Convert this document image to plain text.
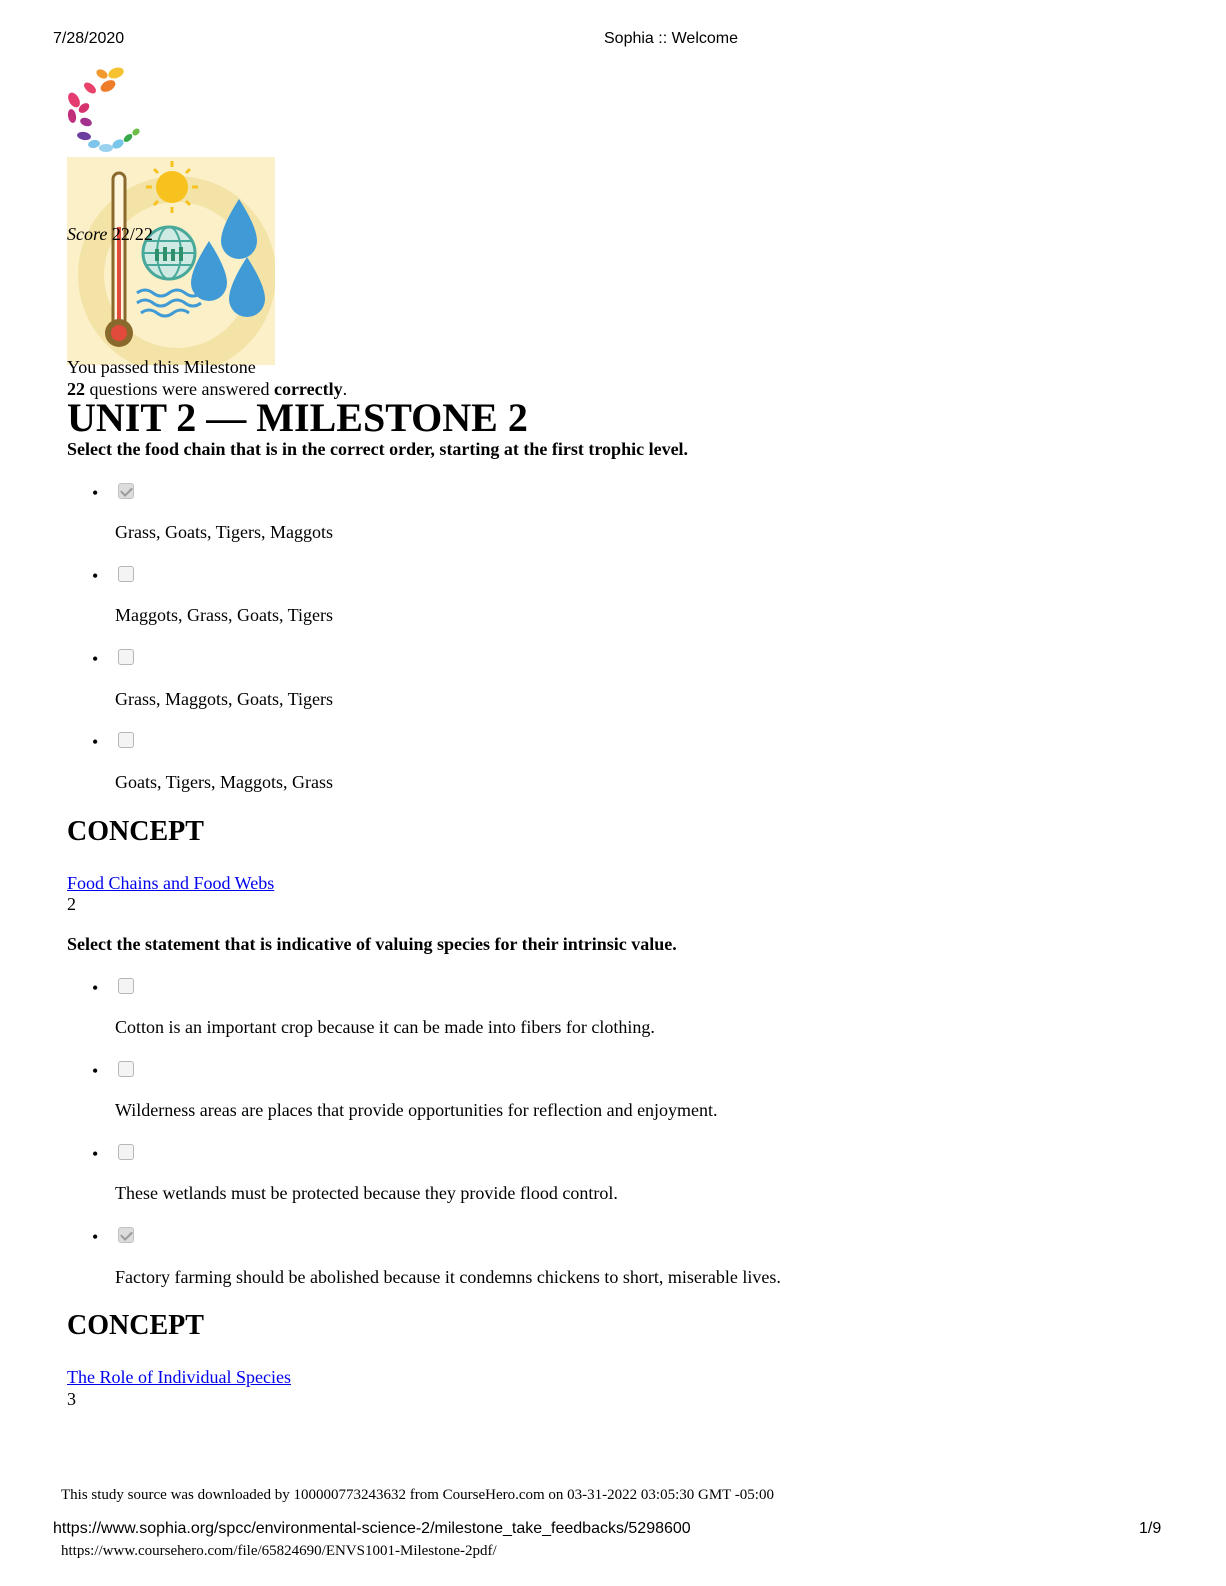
7/28/2020	Sophia :: Welcome
Score 22/22
You passed this Milestone
22 questions were answered correctly.
UNIT 2 — MILESTONE 2
Select the food chain that is in the correct order, starting at the first trophic level.
•
Grass, Goats, Tigers, Maggots
•
Maggots, Grass, Goats, Tigers
•
Grass, Maggots, Goats, Tigers
•
Goats, Tigers, Maggots, Grass
CONCEPT
Food Chains and Food Webs
2
Select the statement that is indicative of valuing species for their intrinsic value.
•
Cotton is an important crop because it can be made into fibers for clothing.
•
Wilderness areas are places that provide opportunities for reflection and enjoyment.
•
These wetlands must be protected because they provide flood control.
•
Factory farming should be abolished because it condemns chickens to short, miserable lives.
CONCEPT
The Role of Individual Species
3
This study source was downloaded by 100000773243632 from CourseHero.com on 03-31-2022 03:05:30 GMT -05:00
https://www.sophia.org/spcc/environmental-science-2/milestone_take_feedbacks/5298600	1/9
https://www.coursehero.com/file/65824690/ENVS1001-Milestone-2pdf/
